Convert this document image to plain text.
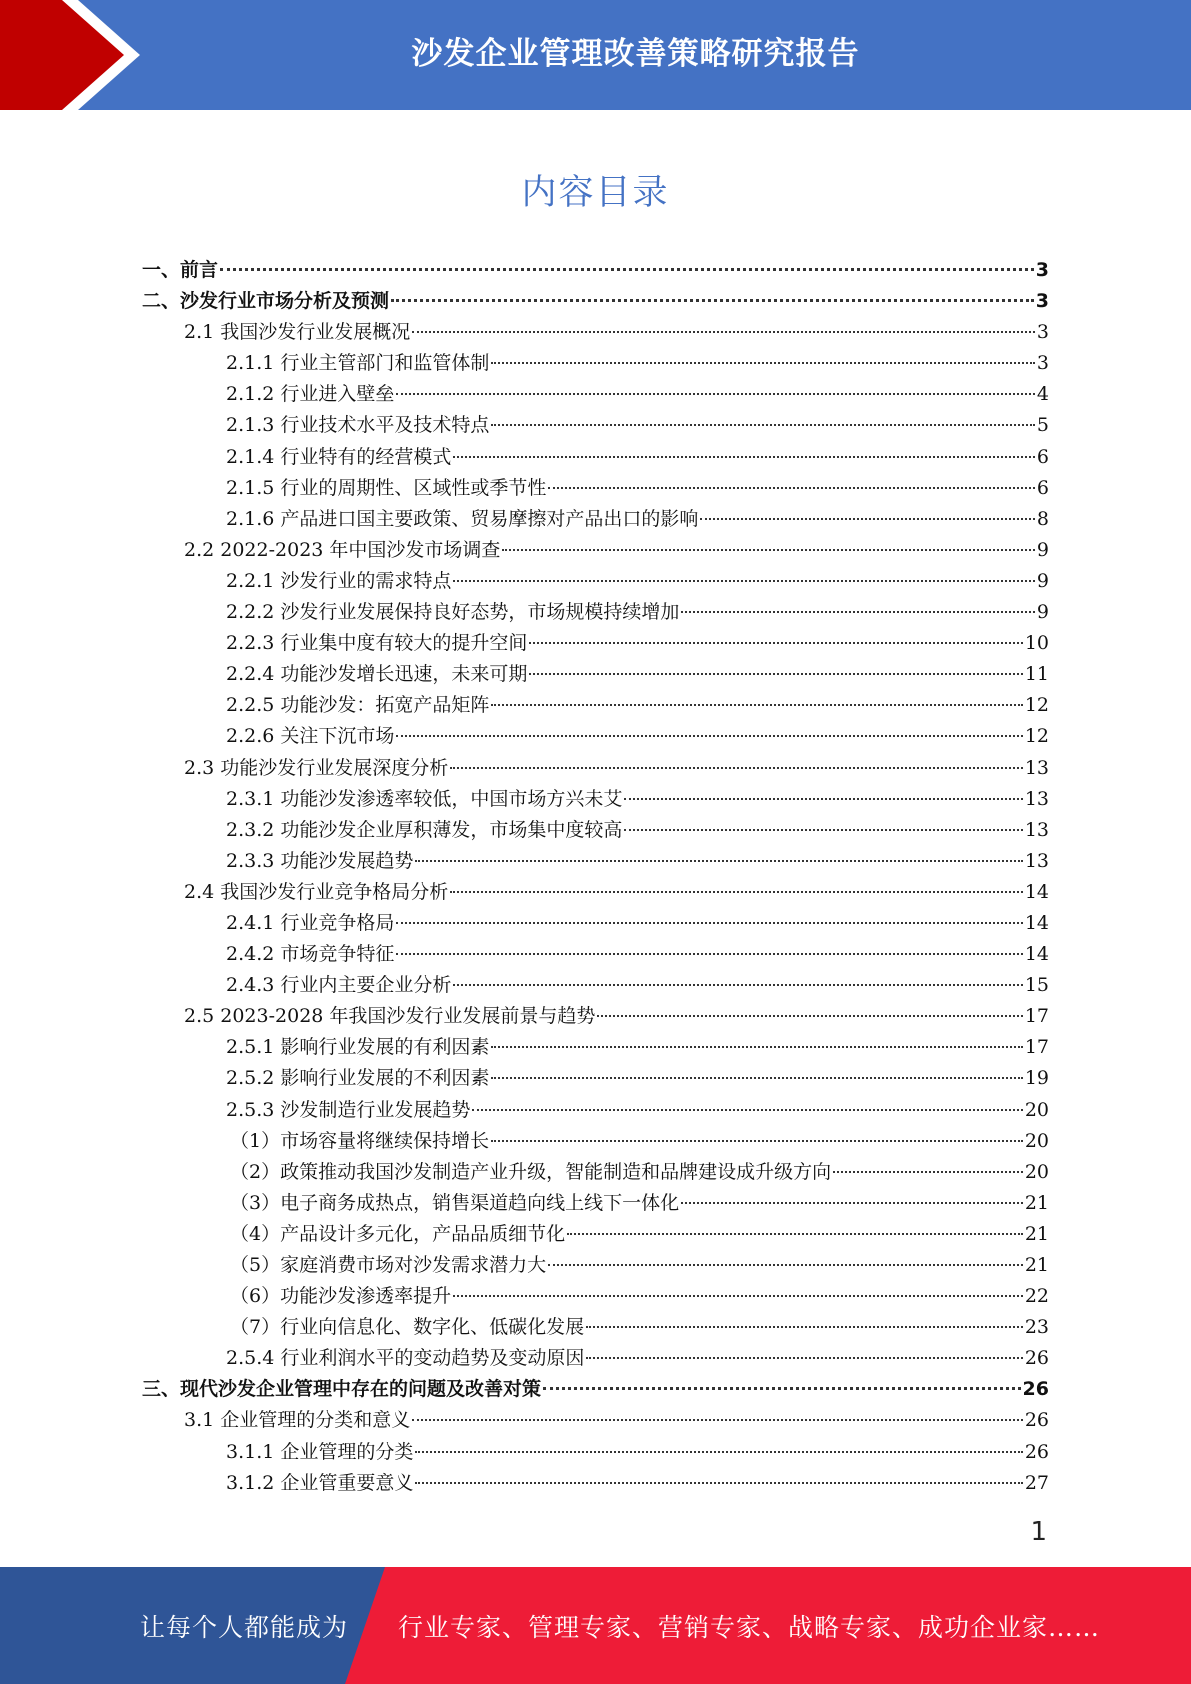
沙发企业管理改善策略研究报告
内容目录
一、前言	3
二、沙发行业市场分析及预测	3
2.1 我国沙发行业发展概况	3
2.1.1 行业主管部门和监管体制	3
2.1.2 行业进入壁垒	4
2.1.3 行业技术水平及技术特点	5
2.1.4 行业特有的经营模式	6
2.1.5 行业的周期性、区域性或季节性	6
2.1.6 产品进口国主要政策、贸易摩擦对产品出口的影响	8
2.2 2022-2023 年中国沙发市场调查	9
2.2.1 沙发行业的需求特点	9
2.2.2 沙发行业发展保持良好态势，市场规模持续增加	9
2.2.3 行业集中度有较大的提升空间	10
2.2.4 功能沙发增长迅速，未来可期	11
2.2.5 功能沙发：拓宽产品矩阵	12
2.2.6 关注下沉市场	12
2.3 功能沙发行业发展深度分析	13
2.3.1 功能沙发渗透率较低，中国市场方兴未艾	13
2.3.2 功能沙发企业厚积薄发，市场集中度较高	13
2.3.3 功能沙发展趋势	13
2.4 我国沙发行业竞争格局分析	14
2.4.1 行业竞争格局	14
2.4.2 市场竞争特征	14
2.4.3 行业内主要企业分析	15
2.5 2023-2028 年我国沙发行业发展前景与趋势	17
2.5.1 影响行业发展的有利因素	17
2.5.2 影响行业发展的不利因素	19
2.5.3 沙发制造行业发展趋势	20
（1）市场容量将继续保持增长	20
（2）政策推动我国沙发制造产业升级，智能制造和品牌建设成升级方向	20
（3）电子商务成热点，销售渠道趋向线上线下一体化	21
（4）产品设计多元化，产品品质细节化	21
（5）家庭消费市场对沙发需求潜力大	21
（6）功能沙发渗透率提升	22
（7）行业向信息化、数字化、低碳化发展	23
2.5.4 行业利润水平的变动趋势及变动原因	26
三、现代沙发企业管理中存在的问题及改善对策	26
3.1 企业管理的分类和意义	26
3.1.1 企业管理的分类	26
3.1.2 企业管重要意义	27
1
让每个人都能成为 行业专家、管理专家、营销专家、战略专家、成功企业家……
